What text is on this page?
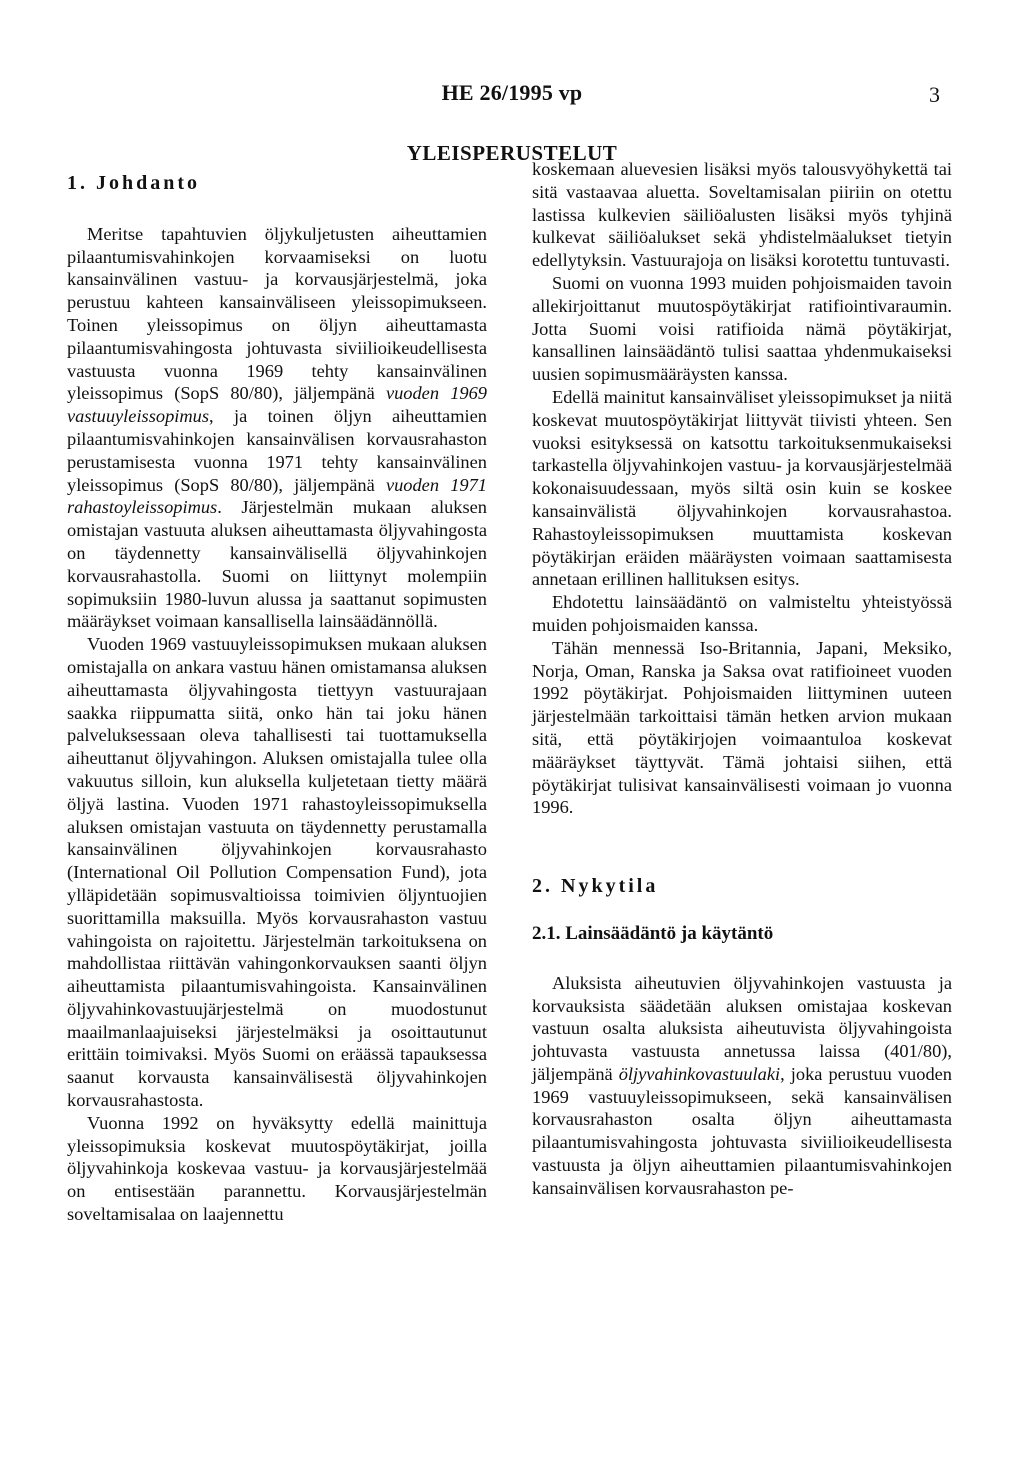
HE 26/1995 vp	3
YLEISPERUSTELUT
1. Johdanto

Meritse tapahtuvien öljykuljetusten aiheuttamien pilaantumisvahinkojen korvaamiseksi on luotu kansainvälinen vastuu- ja korvausjärjestelmä, joka perustuu kahteen kansainväliseen yleissopimukseen. Toinen yleissopimus on öljyn aiheuttamasta pilaantumisvahingosta johtuvasta siviilioikeudellisesta vastuusta vuonna 1969 tehty kansainvälinen yleissopimus (SopS 80/80), jäljempänä vuoden 1969 vastuuyleissopimus, ja toinen öljyn aiheuttamien pilaantumisvahinkojen kansainvälisen korvausrahaston perustamisesta vuonna 1971 tehty kansainvälinen yleissopimus (SopS 80/80), jäljempänä vuoden 1971 rahastoyleissopimus. Järjestelmän mukaan aluksen omistajan vastuuta aluksen aiheuttamasta öljyvahingosta on täydennetty kansainvälisellä öljyvahinkojen korvausrahastolla. Suomi on liittynyt molempiin sopimuksiin 1980-luvun alussa ja saattanut sopimusten määräykset voimaan kansallisella lainsäädännöllä.

Vuoden 1969 vastuuyleissopimuksen mukaan aluksen omistajalla on ankara vastuu hänen omistamansa aluksen aiheuttamasta öljyvahingosta tiettyyn vastuurajaan saakka riippumatta siitä, onko hän tai joku hänen palveluksessaan oleva tahallisesti tai tuottamuksella aiheuttanut öljyvahingon. Aluksen omistajalla tulee olla vakuutus silloin, kun aluksella kuljetetaan tietty määrä öljyä lastina. Vuoden 1971 rahastoyleissopimuksella aluksen omistajan vastuuta on täydennetty perustamalla kansainvälinen öljyvahinkojen korvausrahasto (International Oil Pollution Compensation Fund), jota ylläpidetään sopimusvaltioissa toimivien öljyntuojien suorittamilla maksuilla. Myös korvausrahaston vastuu vahingoista on rajoitettu. Järjestelmän tarkoituksena on mahdollistaa riittävän vahingonkorvauksen saanti öljyn aiheuttamista pilaantumisvahingoista. Kansainvälinen öljyvahinkovastuujärjestelmä on muodostunut maailmanlaajuiseksi järjestelmäksi ja osoittautunut erittäin toimivaksi. Myös Suomi on eräässä tapauksessa saanut korvausta kansainvälisestä öljyvahinkojen korvausrahastosta.

Vuonna 1992 on hyväksytty edellä mainittuja yleissopimuksia koskevat muutospöytäkirjat, joilla öljyvahinkoja koskevaa vastuu- ja korvausjärjestelmää on entisestään parannettu. Korvausjärjestelmän soveltamisalaa on laajennettu

koskemaan aluevesien lisäksi myös talousvyöhykettä tai sitä vastaavaa aluetta. Soveltamisalan piiriin on otettu lastissa kulkevien säiliöalusten lisäksi myös tyhjinä kulkevat säiliöalukset sekä yhdistelmäalukset tietyin edellytyksin. Vastuurajoja on lisäksi korotettu tuntuvasti.

Suomi on vuonna 1993 muiden pohjoismaiden tavoin allekirjoittanut muutospöytäkirjat ratifiointivaraumin. Jotta Suomi voisi ratifioida nämä pöytäkirjat, kansallinen lainsäädäntö tulisi saattaa yhdenmukaiseksi uusien sopimusmääräysten kanssa.

Edellä mainitut kansainväliset yleissopimukset ja niitä koskevat muutospöytäkirjat liittyvät tiivisti yhteen. Sen vuoksi esityksessä on katsottu tarkoituksenmukaiseksi tarkastella öljyvahinkojen vastuu- ja korvausjärjestelmää kokonaisuudessaan, myös siltä osin kuin se koskee kansainvälistä öljyvahinkojen korvausrahastoa. Rahastoyleissopimuksen muuttamista koskevan pöytäkirjan eräiden määräysten voimaan saattamisesta annetaan erillinen hallituksen esitys.

Ehdotettu lainsäädäntö on valmisteltu yhteistyössä muiden pohjoismaiden kanssa.

Tähän mennessä Iso-Britannia, Japani, Meksiko, Norja, Oman, Ranska ja Saksa ovat ratifioineet vuoden 1992 pöytäkirjat. Pohjoismaiden liittyminen uuteen järjestelmään tarkoittaisi tämän hetken arvion mukaan sitä, että pöytäkirjojen voimaantuloa koskevat määräykset täyttyvät. Tämä johtaisi siihen, että pöytäkirjat tulisivat kansainvälisesti voimaan jo vuonna 1996.

2. Nykytila
2.1. Lainsäädäntö ja käytäntö

Aluksista aiheutuvien öljyvahinkojen vastuusta ja korvauksista säädetään aluksen omistajaa koskevan vastuun osalta aluksista aiheutuvista öljyvahingoista johtuvasta vastuusta annetussa laissa (401/80), jäljempänä öljyvahinkovastuulaki, joka perustuu vuoden 1969 vastuuyleissopimukseen, sekä kansainvälisen korvausrahaston osalta öljyn aiheuttamasta pilaantumisvahingosta johtuvasta siviilioikeudellisesta vastuusta ja öljyn aiheuttamien pilaantumisvahinkojen kansainvälisen korvausrahaston pe-
